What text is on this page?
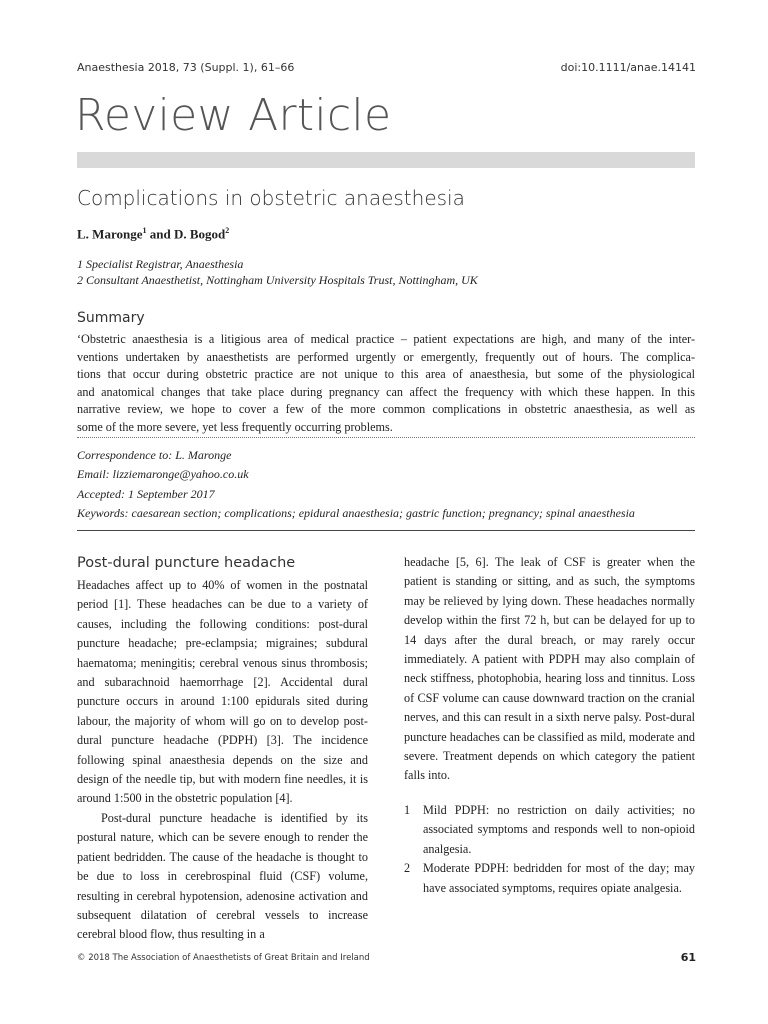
Anaesthesia 2018, 73 (Suppl. 1), 61–66	doi:10.1111/anae.14141
Review Article
Complications in obstetric anaesthesia
L. Maronge$^1$ and D. Bogod$^2$
1 Specialist Registrar, Anaesthesia
2 Consultant Anaesthetist, Nottingham University Hospitals Trust, Nottingham, UK
Summary
‘Obstetric anaesthesia is a litigious area of medical practice – patient expectations are high, and many of the inter-
ventions undertaken by anaesthetists are performed urgently or emergently, frequently out of hours. The complica-
tions that occur during obstetric practice are not unique to this area of anaesthesia, but some of the physiological
and anatomical changes that take place during pregnancy can affect the frequency with which these happen. In this
narrative review, we hope to cover a few of the more common complications in obstetric anaesthesia, as well as
some of the more severe, yet less frequently occurring problems.
Correspondence to: L. Maronge
Email: lizziemaronge@yahoo.co.uk
Accepted: 1 September 2017
Keywords: caesarean section; complications; epidural anaesthesia; gastric function; pregnancy; spinal anaesthesia
Post-dural puncture headache

Headaches affect up to 40% of women in the postnatal period [1]. These headaches can be due to a variety of causes, including the following conditions: post-dural puncture headache; pre-eclampsia; migraines; subdural haematoma; meningitis; cerebral venous sinus thrombosis; and subarachnoid haemorrhage [2]. Accidental dural puncture occurs in around 1:100 epidurals sited during labour, the majority of whom will go on to develop post-dural puncture headache (PDPH) [3]. The incidence following spinal anaesthesia depends on the size and design of the needle tip, but with modern fine needles, it is around 1:500 in the obstetric population [4].

Post-dural puncture headache is identified by its postural nature, which can be severe enough to render the patient bedridden. The cause of the headache is thought to be due to loss in cerebrospinal fluid (CSF) volume, resulting in cerebral hypotension, adenosine activation and subsequent dilatation of cerebral vessels to increase cerebral blood flow, thus resulting in a

headache [5, 6]. The leak of CSF is greater when the patient is standing or sitting, and as such, the symptoms may be relieved by lying down. These headaches normally develop within the first 72 h, but can be delayed for up to 14 days after the dural breach, or may rarely occur immediately. A patient with PDPH may also complain of neck stiffness, photophobia, hearing loss and tinnitus. Loss of CSF volume can cause downward traction on the cranial nerves, and this can result in a sixth nerve palsy. Post-dural puncture headaches can be classified as mild, moderate and severe. Treatment depends on which category the patient falls into.

1 Mild PDPH: no restriction on daily activities; no associated symptoms and responds well to non-opioid analgesia.
2 Moderate PDPH: bedridden for most of the day; may have associated symptoms, requires opiate analgesia.
© 2018 The Association of Anaesthetists of Great Britain and Ireland	61
